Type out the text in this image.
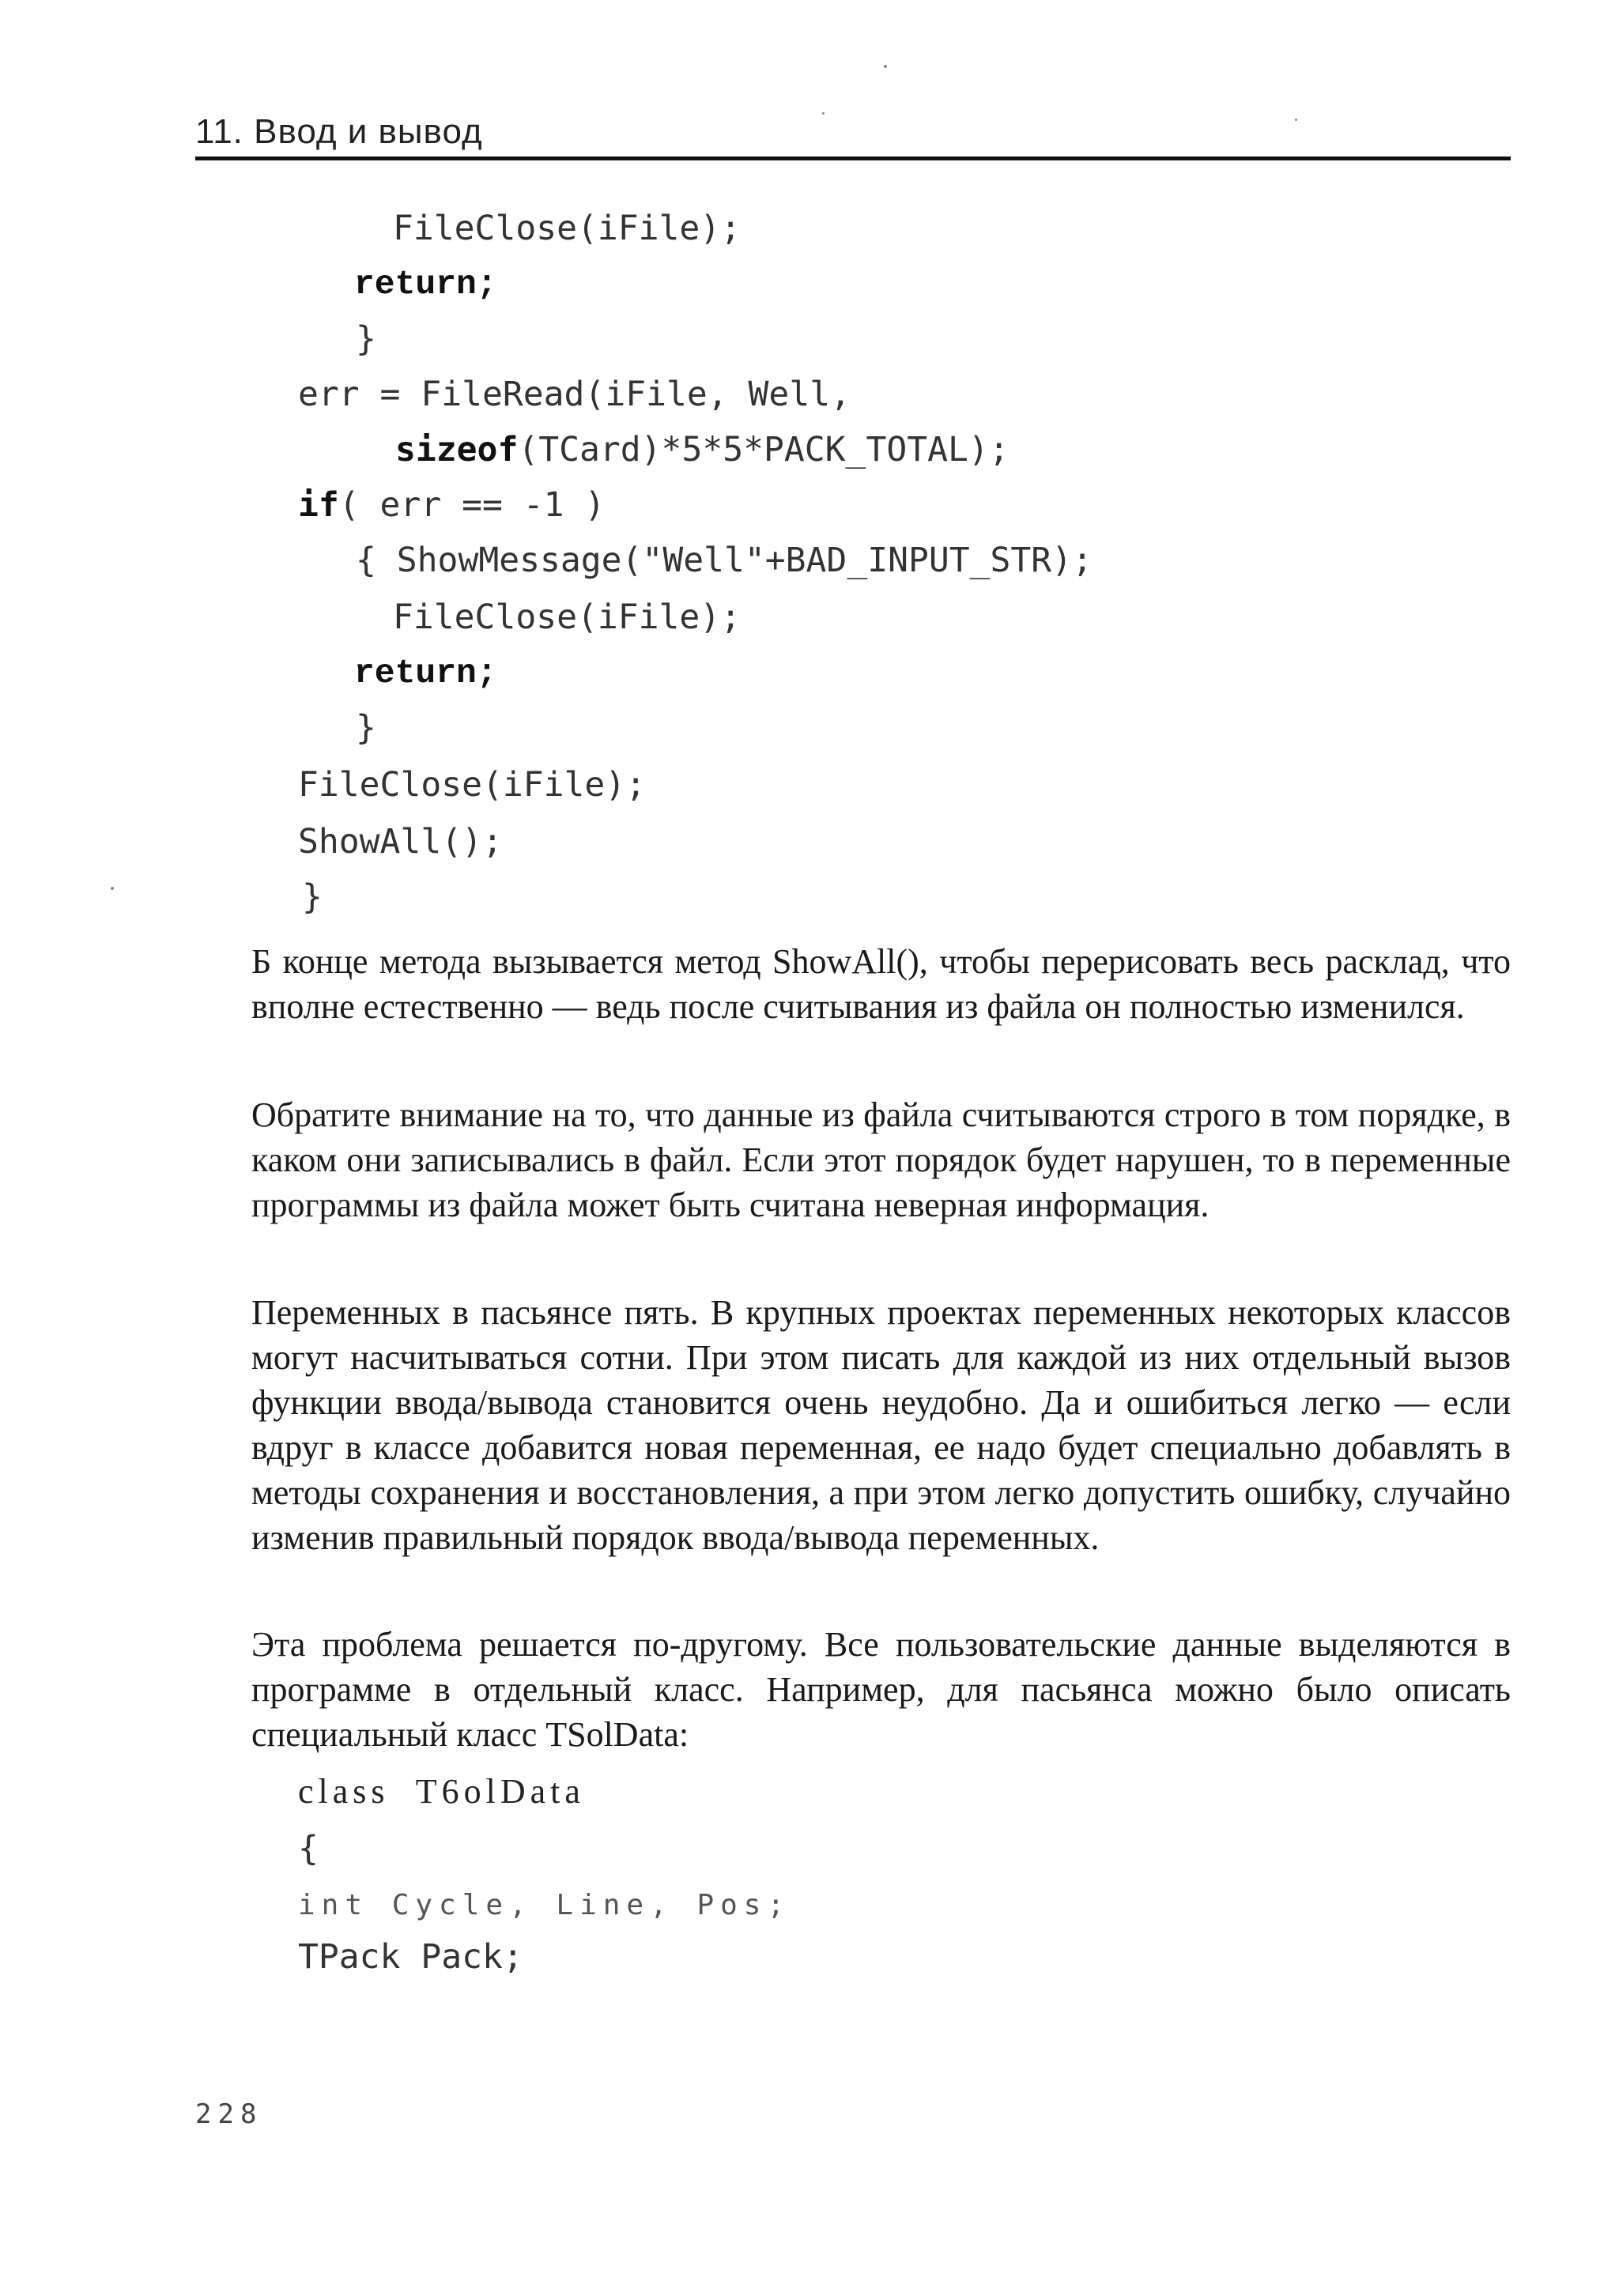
11. Ввод и вывод
FileClose(iFile);
return;
}
err = FileRead(iFile, Well,
sizeof(TCard)*5*5*PACK_TOTAL);
if( err == -1 )
{ ShowMessage("Well"+BAD_INPUT_STR);
FileClose(iFile);
return;
}
FileClose(iFile);
ShowAll();
}

Б конце метода вызывается метод ShowAll(), чтобы перерисовать весь расклад, что вполне естественно — ведь после считывания из файла он полностью изменился.

Обратите внимание на то, что данные из файла считываются строго в том порядке, в каком они записывались в файл. Если этот порядок будет нарушен, то в переменные программы из файла может быть считана неверная информация.

Переменных в пасьянсе пять. В крупных проектах переменных некоторых классов могут насчитываться сотни. При этом писать для каждой из них отдельный вызов функции ввода/вывода становится очень неудобно. Да и ошибиться легко — если вдруг в классе добавится новая переменная, ее надо будет специально добавлять в методы сохранения и восстановления, а при этом легко допустить ошибку, случайно изменив правильный порядок ввода/вывода переменных.

Эта проблема решается по-другому. Все пользовательские данные выделяются в программе в отдельный класс. Например, для пасьянса можно было описать специальный класс TSolData:

class  T6olData
{
int Cycle, Line, Pos;
TPack Pack;
228
